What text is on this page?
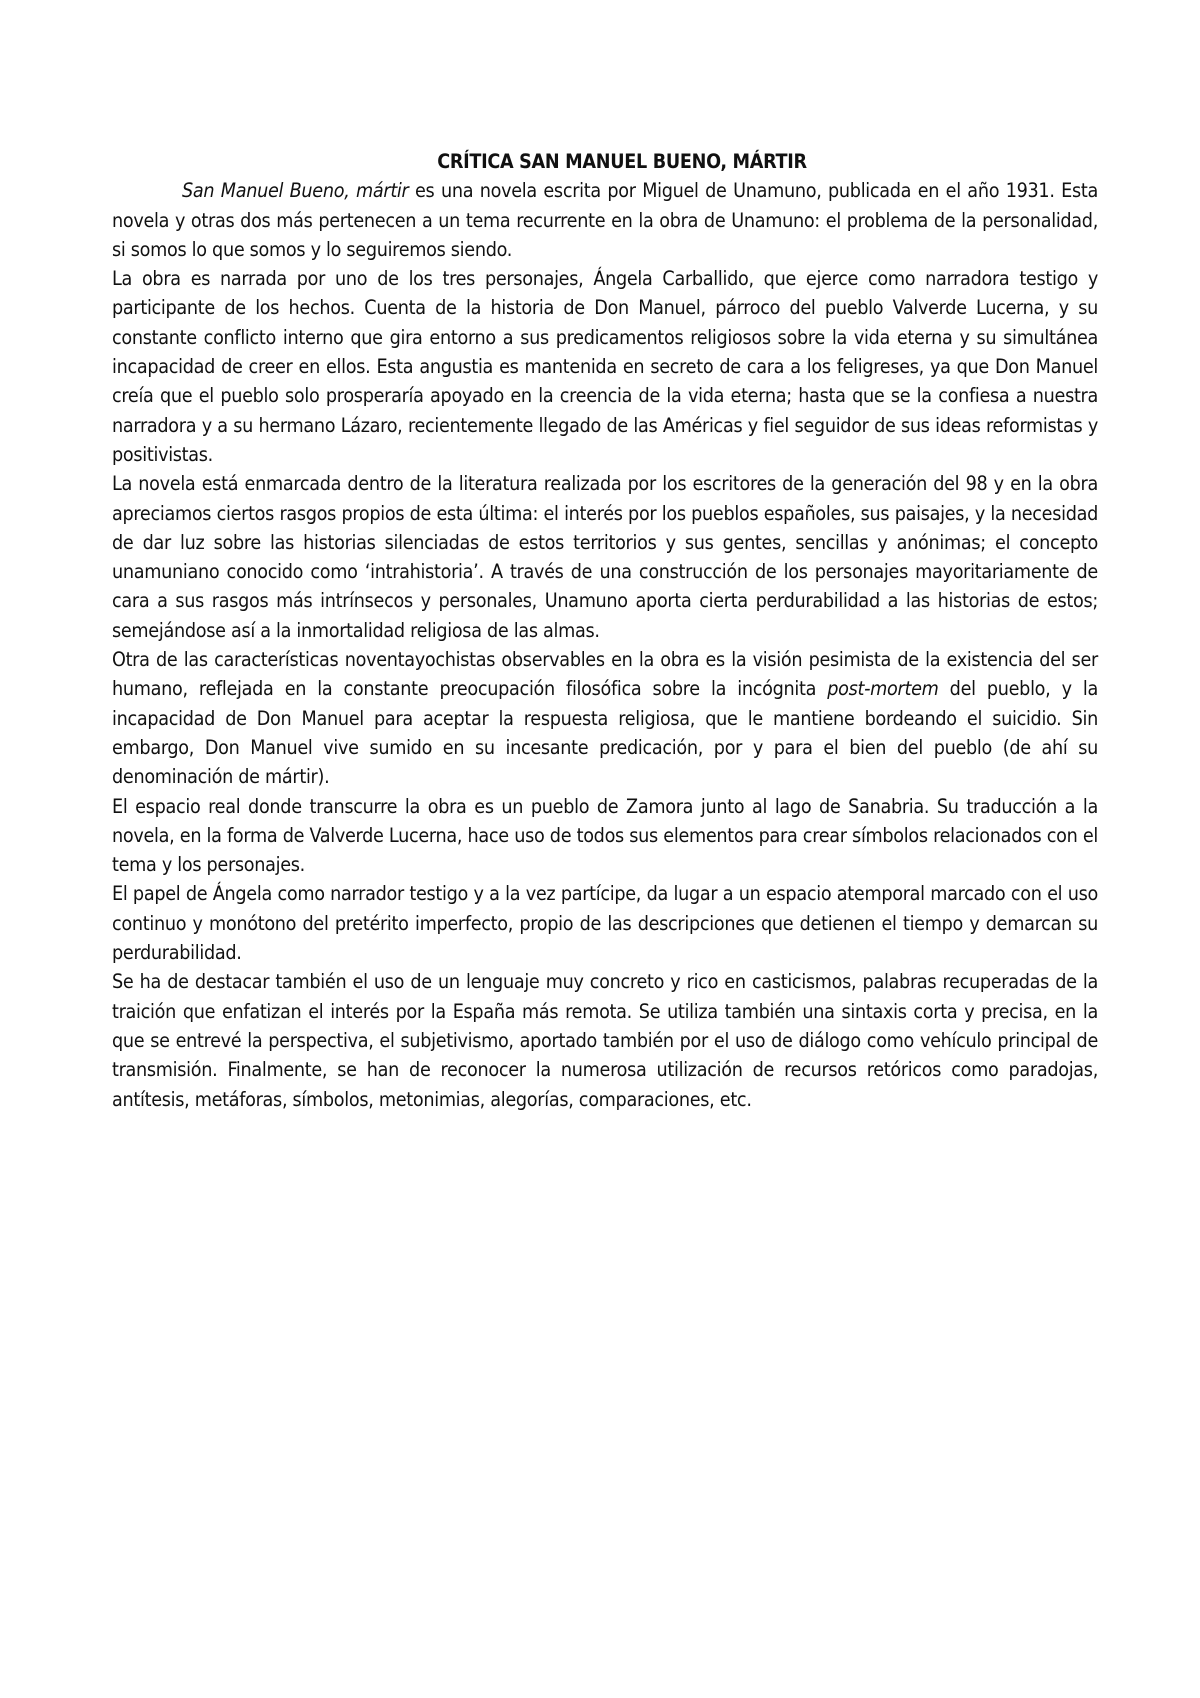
CRÍTICA SAN MANUEL BUENO, MÁRTIR

San Manuel Bueno, mártir es una novela escrita por Miguel de Unamuno, publicada en el año 1931. Esta novela y otras dos más pertenecen a un tema recurrente en la obra de Unamuno: el problema de la personalidad, si somos lo que somos y lo seguiremos siendo.

La obra es narrada por uno de los tres personajes, Ángela Carballido, que ejerce como narradora testigo y participante de los hechos. Cuenta de la historia de Don Manuel, párroco del pueblo Valverde Lucerna, y su constante conflicto interno que gira entorno a sus predicamentos religiosos sobre la vida eterna y su simultánea incapacidad de creer en ellos. Esta angustia es mantenida en secreto de cara a los feligreses, ya que Don Manuel creía que el pueblo solo prosperaría apoyado en la creencia de la vida eterna; hasta que se la confiesa a nuestra narradora y a su hermano Lázaro, recientemente llegado de las Américas y fiel seguidor de sus ideas reformistas y positivistas.

La novela está enmarcada dentro de la literatura realizada por los escritores de la generación del 98 y en la obra apreciamos ciertos rasgos propios de esta última: el interés por los pueblos españoles, sus paisajes, y la necesidad de dar luz sobre las historias silenciadas de estos territorios y sus gentes, sencillas y anónimas; el concepto unamuniano conocido como ‘intrahistoria’. A través de una construcción de los personajes mayoritariamente de cara a sus rasgos más intrínsecos y personales, Unamuno aporta cierta perdurabilidad a las historias de estos; semejándose así a la inmortalidad religiosa de las almas.

Otra de las características noventayochistas observables en la obra es la visión pesimista de la existencia del ser humano, reflejada en la constante preocupación filosófica sobre la incógnita post-mortem del pueblo, y la incapacidad de Don Manuel para aceptar la respuesta religiosa, que le mantiene bordeando el suicidio. Sin embargo, Don Manuel vive sumido en su incesante predicación, por y para el bien del pueblo (de ahí su denominación de mártir).

El espacio real donde transcurre la obra es un pueblo de Zamora junto al lago de Sanabria. Su traducción a la novela, en la forma de Valverde Lucerna, hace uso de todos sus elementos para crear símbolos relacionados con el tema y los personajes.

El papel de Ángela como narrador testigo y a la vez partícipe, da lugar a un espacio atemporal marcado con el uso continuo y monótono del pretérito imperfecto, propio de las descripciones que detienen el tiempo y demarcan su perdurabilidad.

Se ha de destacar también el uso de un lenguaje muy concreto y rico en casticismos, palabras recuperadas de la traición que enfatizan el interés por la España más remota. Se utiliza también una sintaxis corta y precisa, en la que se entrevé la perspectiva, el subjetivismo, aportado también por el uso de diálogo como vehículo principal de transmisión. Finalmente, se han de reconocer la numerosa utilización de recursos retóricos como paradojas, antítesis, metáforas, símbolos, metonimias, alegorías, comparaciones, etc.
